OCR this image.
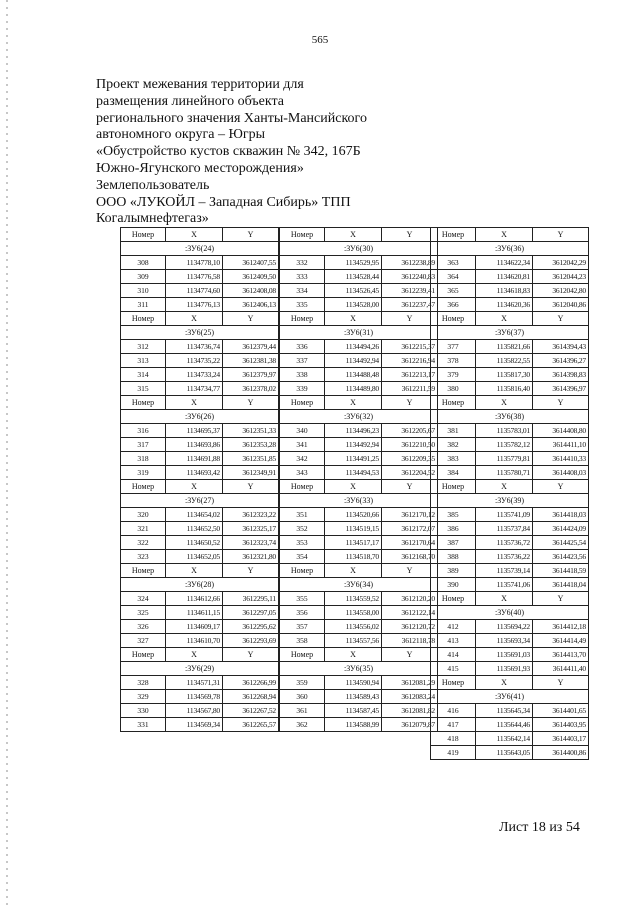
565
Проект межевания территории для
размещения линейного объекта
регионального значения Ханты-Мансийского
автономного округа – Югры
«Обустройство кустов скважин № 342, 167Б
Южно-Ягунского месторождения»
Землепользователь
ООО «ЛУКОЙЛ – Западная Сибирь» ТПП
Когалымнефтегаз»
Номер	X	Y
:ЗУ6(24)		
308	1134778,10	3612407,55
309	1134776,58	3612409,50
310	1134774,60	3612408,08
311	1134776,13	3612406,13
Номер	X	Y
:ЗУ6(25)		
312	1134736,74	3612379,44
313	1134735,22	3612381,38
314	1134733,24	3612379,97
315	1134734,77	3612378,02
Номер	X	Y
:ЗУ6(26)		
316	1134695,37	3612351,33
317	1134693,86	3612353,28
318	1134691,88	3612351,85
319	1134693,42	3612349,91
Номер	X	Y
:ЗУ6(27)		
320	1134654,02	3612323,22
321	1134652,50	3612325,17
322	1134650,52	3612323,74
323	1134652,05	3612321,80
Номер	X	Y
:ЗУ6(28)		
324	1134612,66	3612295,11
325	1134611,15	3612297,05
326	1134609,17	3612295,62
327	1134610,70	3612293,69
Номер	X	Y
:ЗУ6(29)		
328	1134571,31	3612266,99
329	1134569,78	3612268,94
330	1134567,80	3612267,52
331	1134569,34	3612265,57
Номер	X	Y
:ЗУ6(30)		
332	1134529,95	3612238,89
333	1134528,44	3612240,83
334	1134526,45	3612239,41
335	1134528,00	3612237,47
Номер	X	Y
:ЗУ6(31)		
336	1134494,26	3612215,37
337	1134492,94	3612216,94
338	1134488,48	3612213,17
339	1134489,80	3612211,59
Номер	X	Y
:ЗУ6(32)		
340	1134496,23	3612205,67
341	1134492,94	3612210,50
342	1134491,25	3612209,35
343	1134494,53	3612204,52
Номер	X	Y
:ЗУ6(33)		
351	1134520,66	3612170,12
352	1134519,15	3612172,07
353	1134517,17	3612170,64
354	1134518,70	3612168,70
Номер	X	Y
:ЗУ6(34)		
355	1134559,52	3612120,20
356	1134558,00	3612122,14
357	1134556,02	3612120,72
358	1134557,56	3612118,78
Номер	X	Y
:ЗУ6(35)		
359	1134590,94	3612081,29
360	1134589,43	3612083,24
361	1134587,45	3612081,82
362	1134588,99	3612079,87
Номер	X	Y
:ЗУ6(36)		
363	1134622,34	3612042,29
364	1134620,81	3612044,23
365	1134618,83	3612042,80
366	1134620,36	3612040,86
Номер	X	Y
:ЗУ6(37)		
377	1135821,66	3614394,43
378	1135822,55	3614396,27
379	1135817,30	3614398,83
380	1135816,40	3614396,97
Номер	X	Y
:ЗУ6(38)		
381	1135783,01	3614408,80
382	1135782,12	3614411,10
383	1135779,81	3614410,33
384	1135780,71	3614408,03
Номер	X	Y
:ЗУ6(39)		
385	1135741,09	3614418,03
386	1135737,84	3614424,09
387	1135736,72	3614425,54
388	1135736,22	3614423,56
389	1135739,14	3614418,59
390	1135741,06	3614418,04
Номер	X	Y
:ЗУ6(40)		
412	1135694,22	3614412,18
413	1135693,34	3614414,49
414	1135691,03	3614413,70
415	1135691,93	3614411,40
Номер	X	Y
:ЗУ6(41)		
416	1135645,34	3614401,65
417	1135644,46	3614403,95
418	1135642,14	3614403,17
419	1135643,05	3614400,86
Лист 18 из 54
